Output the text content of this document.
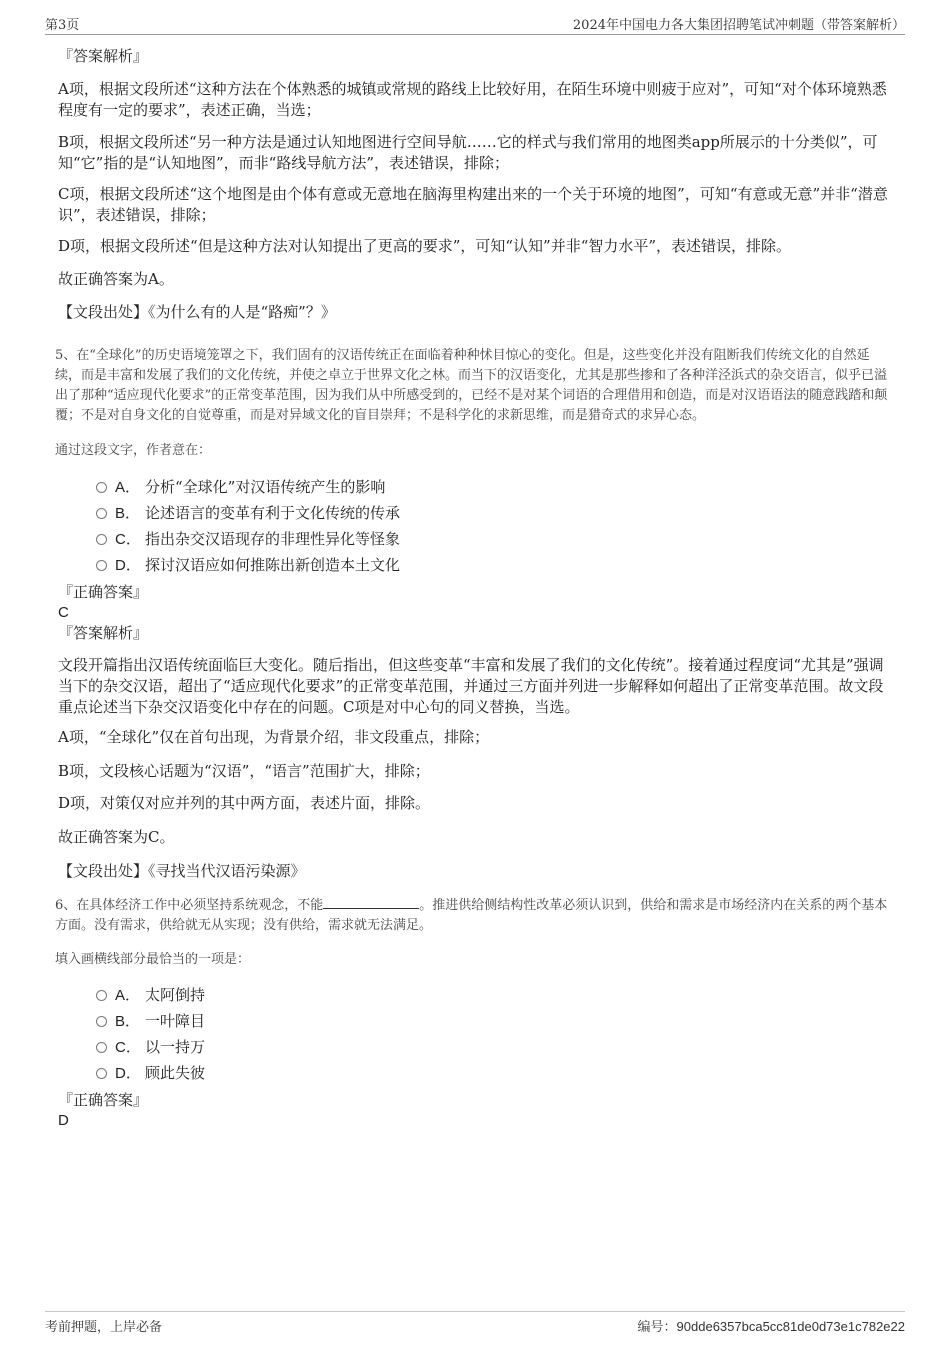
第3页	2024年中国电力各大集团招聘笔试冲刺题（带答案解析）
『答案解析』
A项，根据文段所述“这种方法在个体熟悉的城镇或常规的路线上比较好用，在陌生环境中则疲于应对”，可知“对个体环境熟悉程度有一定的要求”，表述正确，当选；
B项，根据文段所述“另一种方法是通过认知地图进行空间导航……它的样式与我们常用的地图类app所展示的十分类似”，可知“它”指的是“认知地图”，而非“路线导航方法”，表述错误，排除；
C项，根据文段所述“这个地图是由个体有意或无意地在脑海里构建出来的一个关于环境的地图”，可知“有意或无意”并非“潜意识”，表述错误，排除；
D项，根据文段所述“但是这种方法对认知提出了更高的要求”，可知“认知”并非“智力水平”，表述错误，排除。
故正确答案为A。
【文段出处】《为什么有的人是“路痴”？》
5、在“全球化”的历史语境笼罩之下，我们固有的汉语传统正在面临着种种怵目惊心的变化。但是，这些变化并没有阻断我们传统文化的自然延续，而是丰富和发展了我们的文化传统，并使之卓立于世界文化之林。而当下的汉语变化，尤其是那些掺和了各种洋泾浜式的杂交语言，似乎已溢出了那种“适应现代化要求”的正常变革范围，因为我们从中所感受到的，已经不是对某个词语的合理借用和创造，而是对汉语语法的随意践踏和颠覆；不是对自身文化的自觉尊重，而是对异域文化的盲目崇拜；不是科学化的求新思维，而是猎奇式的求异心态。
通过这段文字，作者意在：
A． 分析“全球化”对汉语传统产生的影响
B． 论述语言的变革有利于文化传统的传承
C． 指出杂交汉语现存的非理性异化等怪象
D． 探讨汉语应如何推陈出新创造本土文化
『正确答案』
C
『答案解析』
文段开篇指出汉语传统面临巨大变化。随后指出，但这些变革“丰富和发展了我们的文化传统”。接着通过程度词“尤其是”强调当下的杂交汉语，超出了“适应现代化要求”的正常变革范围，并通过三方面并列进一步解释如何超出了正常变革范围。故文段重点论述当下杂交汉语变化中存在的问题。C项是对中心句的同义替换，当选。
A项，“全球化”仅在首句出现，为背景介绍，非文段重点，排除；
B项，文段核心话题为“汉语”，“语言”范围扩大，排除；
D项，对策仅对应并列的其中两方面，表述片面，排除。
故正确答案为C。
【文段出处】《寻找当代汉语污染源》
6、在具体经济工作中必须坚持系统观念，不能	。推进供给侧结构性改革必须认识到，供给和需求是市场经济内在关系的两个基本方面。没有需求，供给就无从实现；没有供给，需求就无法满足。
填入画横线部分最恰当的一项是：
A． 太阿倒持
B． 一叶障目
C． 以一持万
D． 顾此失彼
『正确答案』
D
考前押题，上岸必备	编号：90dde6357bca5cc81de0d73e1c782e22
